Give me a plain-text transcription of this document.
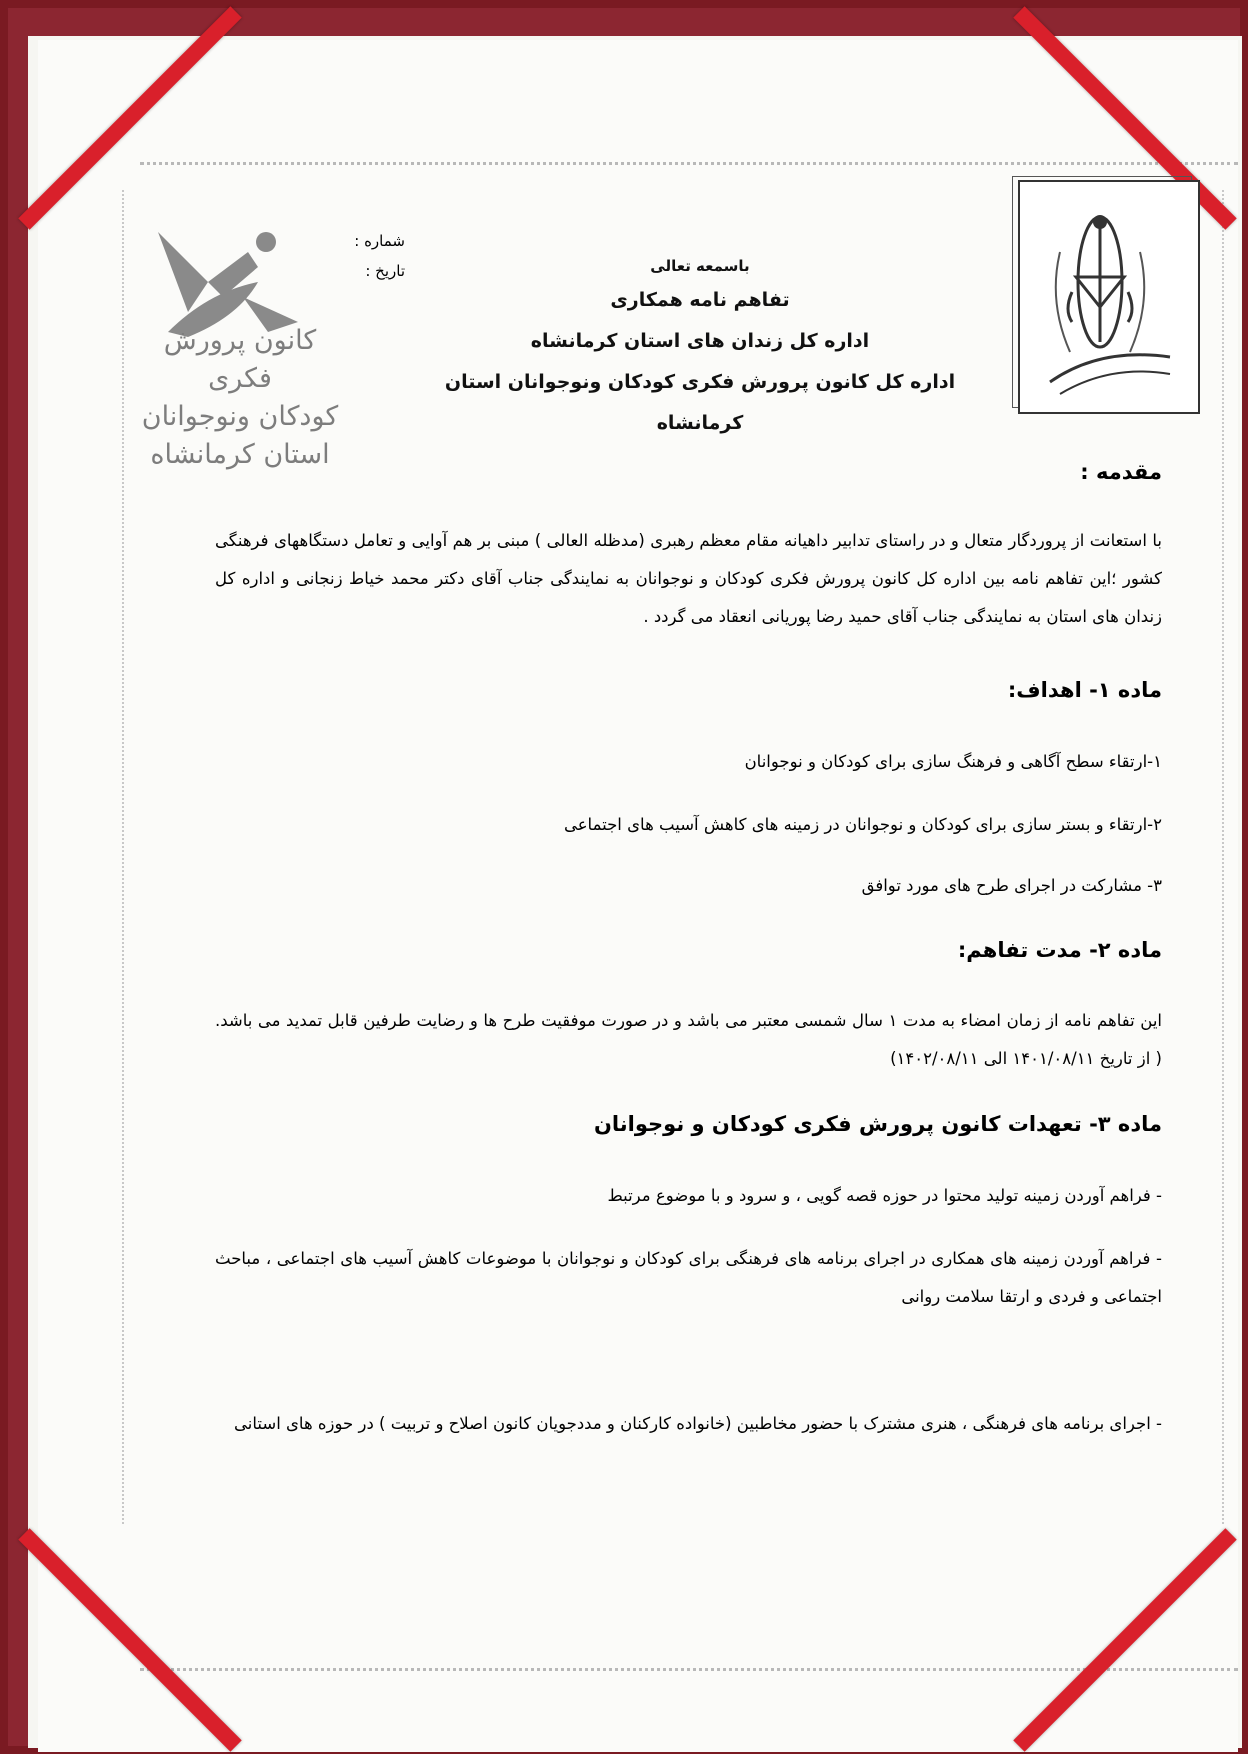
کانون پرورش فکری
کودکان ونوجوانان
استان کرمانشاه
شماره :
تاریخ :	باسمعه تعالی
تفاهم نامه همکاری
اداره کل زندان های استان کرمانشاه
اداره کل کانون پرورش فکری کودکان ونوجوانان استان کرمانشاه
مقدمه :
با استعانت از پروردگار متعال و در راستای تدابیر داهیانه مقام معظم رهبری (مدظله العالی ) مبنی بر هم آوایی و تعامل دستگاههای فرهنگی کشور ؛این تفاهم نامه بین اداره کل کانون پرورش فکری کودکان و نوجوانان به نمایندگی جناب آقای دکتر محمد خیاط زنجانی و اداره کل زندان های استان به نمایندگی جناب آقای حمید رضا پوریانی انعقاد می گردد .
ماده ۱- اهداف:
۱-ارتقاء سطح آگاهی و فرهنگ سازی برای کودکان و نوجوانان
۲-ارتقاء و بستر سازی برای کودکان و نوجوانان در زمینه های کاهش آسیب های اجتماعی
۳- مشارکت در اجرای طرح های مورد توافق
ماده ۲- مدت تفاهم:
این تفاهم نامه از زمان امضاء به مدت ۱ سال شمسی معتبر می باشد و در صورت موفقیت طرح ها و رضایت طرفین قابل تمدید می باشد. ( از تاریخ ۱۴۰۱/۰۸/۱۱ الی ۱۴۰۲/۰۸/۱۱)
ماده ۳- تعهدات کانون پرورش فکری کودکان و نوجوانان
- فراهم آوردن زمینه تولید محتوا در حوزه قصه گویی ، و سرود و با موضوع مرتبط
- فراهم آوردن زمینه های همکاری در اجرای برنامه های فرهنگی برای کودکان و نوجوانان با موضوعات کاهش آسیب های اجتماعی ، مباحث اجتماعی و فردی و ارتقا سلامت روانی
- اجرای برنامه های فرهنگی ، هنری مشترک با حضور مخاطبین (خانواده کارکنان و مددجویان کانون اصلاح و تربیت ) در حوزه های استانی
